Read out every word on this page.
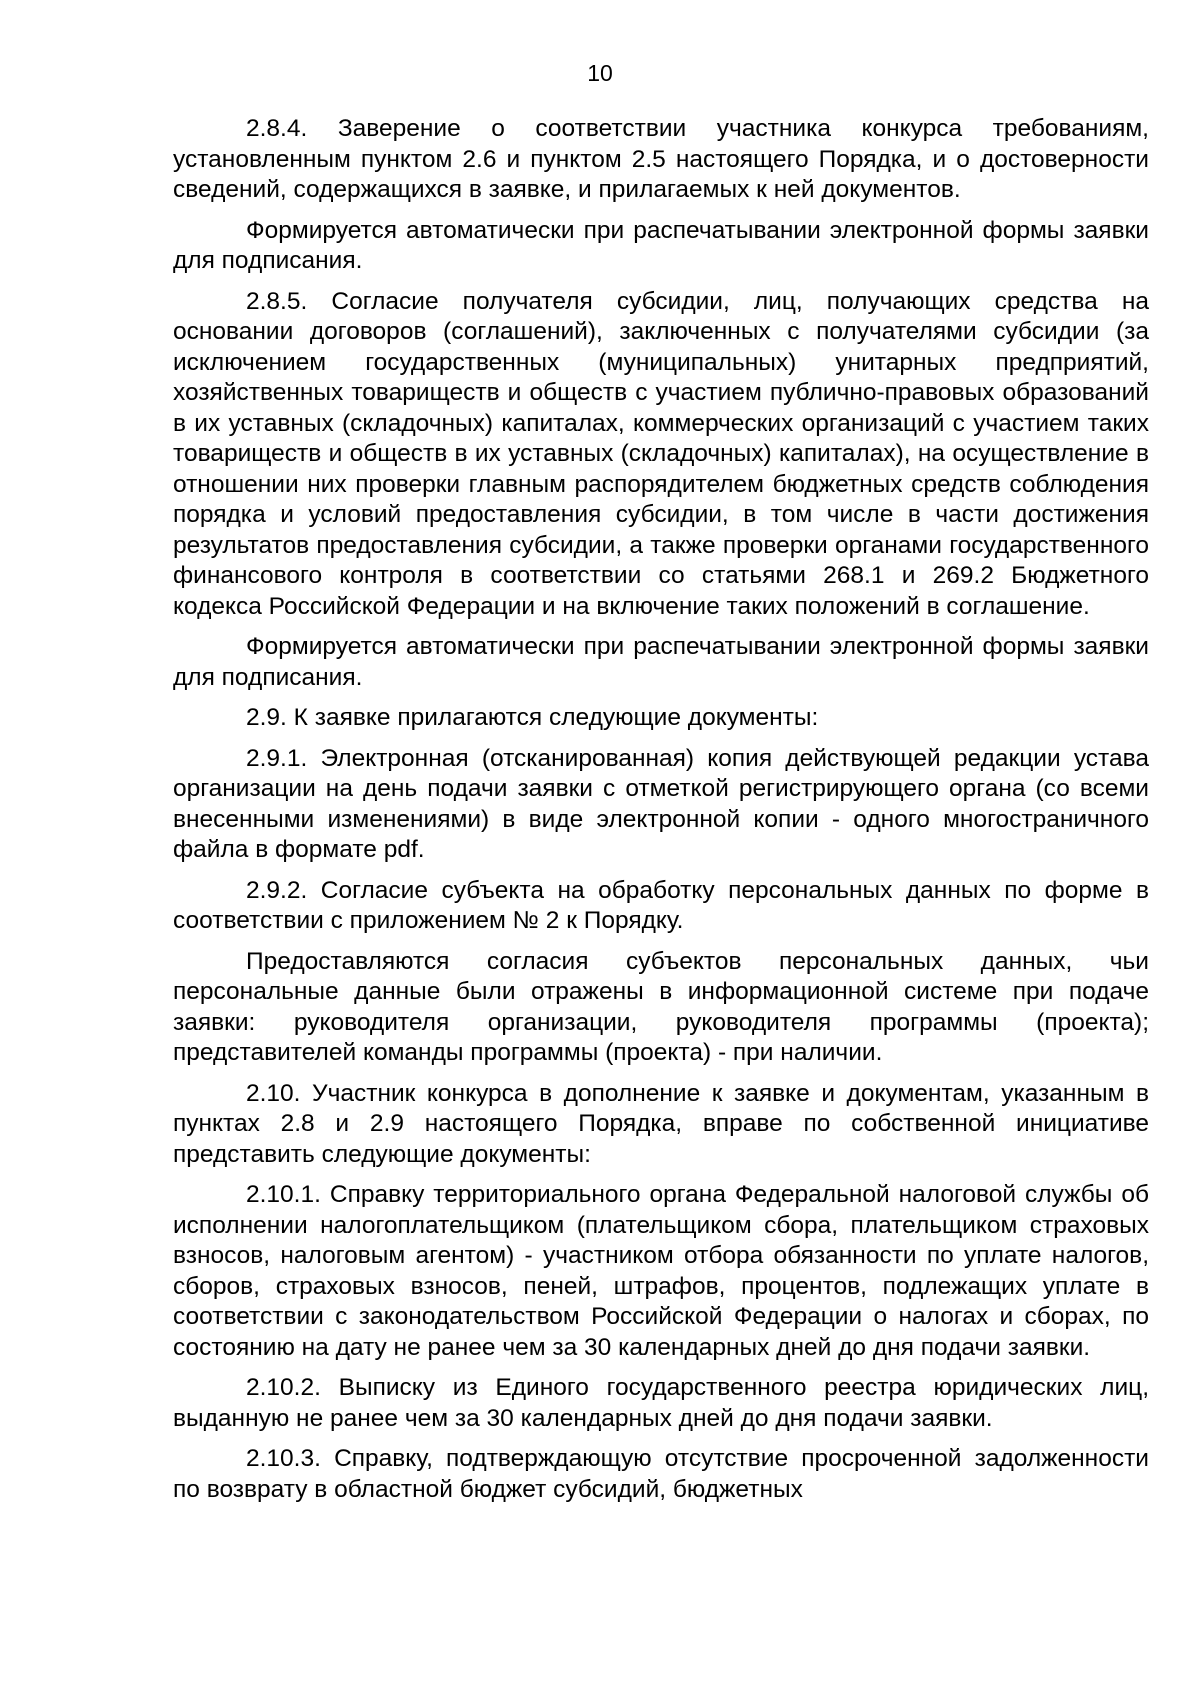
10

2.8.4. Заверение о соответствии участника конкурса требованиям, установленным пунктом 2.6 и пунктом 2.5 настоящего Порядка, и о достоверности сведений, содержащихся в заявке, и прилагаемых к ней документов.

Формируется автоматически при распечатывании электронной формы заявки для подписания.

2.8.5. Согласие получателя субсидии, лиц, получающих средства на основании договоров (соглашений), заключенных с получателями субсидии (за исключением государственных (муниципальных) унитарных предприятий, хозяйственных товариществ и обществ с участием публично-правовых образований в их уставных (складочных) капиталах, коммерческих организаций с участием таких товариществ и обществ в их уставных (складочных) капиталах), на осуществление в отношении них проверки главным распорядителем бюджетных средств соблюдения порядка и условий предоставления субсидии, в том числе в части достижения результатов предоставления субсидии, а также проверки органами государственного финансового контроля в соответствии со статьями 268.1 и 269.2 Бюджетного кодекса Российской Федерации и на включение таких положений в соглашение.

Формируется автоматически при распечатывании электронной формы заявки для подписания.

2.9. К заявке прилагаются следующие документы:

2.9.1. Электронная (отсканированная) копия действующей редакции устава организации на день подачи заявки с отметкой регистрирующего органа (со всеми внесенными изменениями) в виде электронной копии - одного многостраничного файла в формате pdf.

2.9.2. Согласие субъекта на обработку персональных данных по форме в соответствии с приложением № 2 к Порядку.

Предоставляются согласия субъектов персональных данных, чьи персональные данные были отражены в информационной системе при подаче заявки: руководителя организации, руководителя программы (проекта); представителей команды программы (проекта) - при наличии.

2.10. Участник конкурса в дополнение к заявке и документам, указанным в пунктах 2.8 и 2.9 настоящего Порядка, вправе по собственной инициативе представить следующие документы:

2.10.1. Справку территориального органа Федеральной налоговой службы об исполнении налогоплательщиком (плательщиком сбора, плательщиком страховых взносов, налоговым агентом) - участником отбора обязанности по уплате налогов, сборов, страховых взносов, пеней, штрафов, процентов, подлежащих уплате в соответствии с законодательством Российской Федерации о налогах и сборах, по состоянию на дату не ранее чем за 30 календарных дней до дня подачи заявки.

2.10.2. Выписку из Единого государственного реестра юридических лиц, выданную не ранее чем за 30 календарных дней до дня подачи заявки.

2.10.3. Справку, подтверждающую отсутствие просроченной задолженности по возврату в областной бюджет субсидий, бюджетных
